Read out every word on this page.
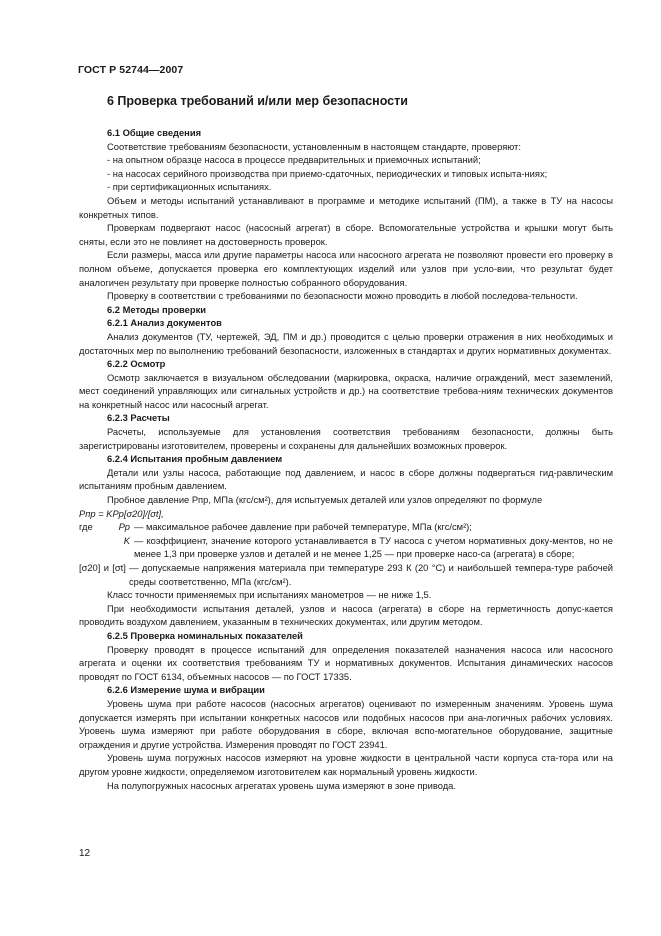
ГОСТ Р 52744—2007
6 Проверка требований и/или мер безопасности

6.1 Общие сведения

Соответствие требованиям безопасности, установленным в настоящем стандарте, проверяют:

- на опытном образце насоса в процессе предварительных и приемочных испытаний;

- на насосах серийного производства при приемо-сдаточных, периодических и типовых испыта-ниях;

- при сертификационных испытаниях.

Объем и методы испытаний устанавливают в программе и методике испытаний (ПМ), а также в ТУ на насосы конкретных типов.

Проверкам подвергают насос (насосный агрегат) в сборе. Вспомогательные устройства и крышки могут быть сняты, если это не повлияет на достоверность проверок.

Если размеры, масса или другие параметры насоса или насосного агрегата не позволяют провести его проверку в полном объеме, допускается проверка его комплектующих изделий или узлов при усло-вии, что результат будет аналогичен результату при проверке полностью собранного оборудования.

Проверку в соответствии с требованиями по безопасности можно проводить в любой последова-тельности.

6.2 Методы проверки

6.2.1 Анализ документов

Анализ документов (ТУ, чертежей, ЭД, ПМ и др.) проводится с целью проверки отражения в них необходимых и достаточных мер по выполнению требований безопасности, изложенных в стандартах и других нормативных документах.

6.2.2 Осмотр

Осмотр заключается в визуальном обследовании (маркировка, окраска, наличие ограждений, мест заземлений, мест соединений управляющих или сигнальных устройств и др.) на соответствие требова-ниям технических документов на конкретный насос или насосный агрегат.

6.2.3 Расчеты

Расчеты, используемые для установления соответствия требованиям безопасности, должны быть зарегистрированы изготовителем, проверены и сохранены для дальнейших возможных проверок.

6.2.4 Испытания пробным давлением

Детали или узлы насоса, работающие под давлением, и насос в сборе должны подвергаться гид-равлическим испытаниям пробным давлением.

Пробное давление Pпр, МПа (кгс/см²), для испытуемых деталей или узлов определяют по формуле

Pпр = KPр[σ20]/[σt],

где	Pр — максимальное рабочее давление при рабочей температуре, МПа (кгс/см²);
K — коэффициент, значение которого устанавливается в ТУ насоса с учетом нормативных доку-ментов, но не менее 1,3 при проверке узлов и деталей и не менее 1,25 — при проверке насо-са (агрегата) в сборе;

[σ20] и [σt] — допускаемые напряжения материала при температуре 293 К (20 °С) и наибольшей темпера-туре рабочей среды соответственно, МПа (кгс/см²).

Класс точности применяемых при испытаниях манометров — не ниже 1,5.

При необходимости испытания деталей, узлов и насоса (агрегата) в сборе на герметичность допус-кается проводить воздухом давлением, указанным в технических документах, или другим методом.

6.2.5 Проверка номинальных показателей

Проверку проводят в процессе испытаний для определения показателей назначения насоса или насосного агрегата и оценки их соответствия требованиям ТУ и нормативных документов. Испытания динамических насосов проводят по ГОСТ 6134, объемных насосов — по ГОСТ 17335.

6.2.6 Измерение шума и вибрации

Уровень шума при работе насосов (насосных агрегатов) оценивают по измеренным значениям. Уровень шума допускается измерять при испытании конкретных насосов или подобных насосов при ана-логичных рабочих условиях. Уровень шума измеряют при работе оборудования в сборе, включая вспо-могательное оборудование, защитные ограждения и другие устройства. Измерения проводят по ГОСТ 23941.

Уровень шума погружных насосов измеряют на уровне жидкости в центральной части корпуса ста-тора или на другом уровне жидкости, определяемом изготовителем как нормальный уровень жидкости.

На полупогружных насосных агрегатах уровень шума измеряют в зоне привода.

12
